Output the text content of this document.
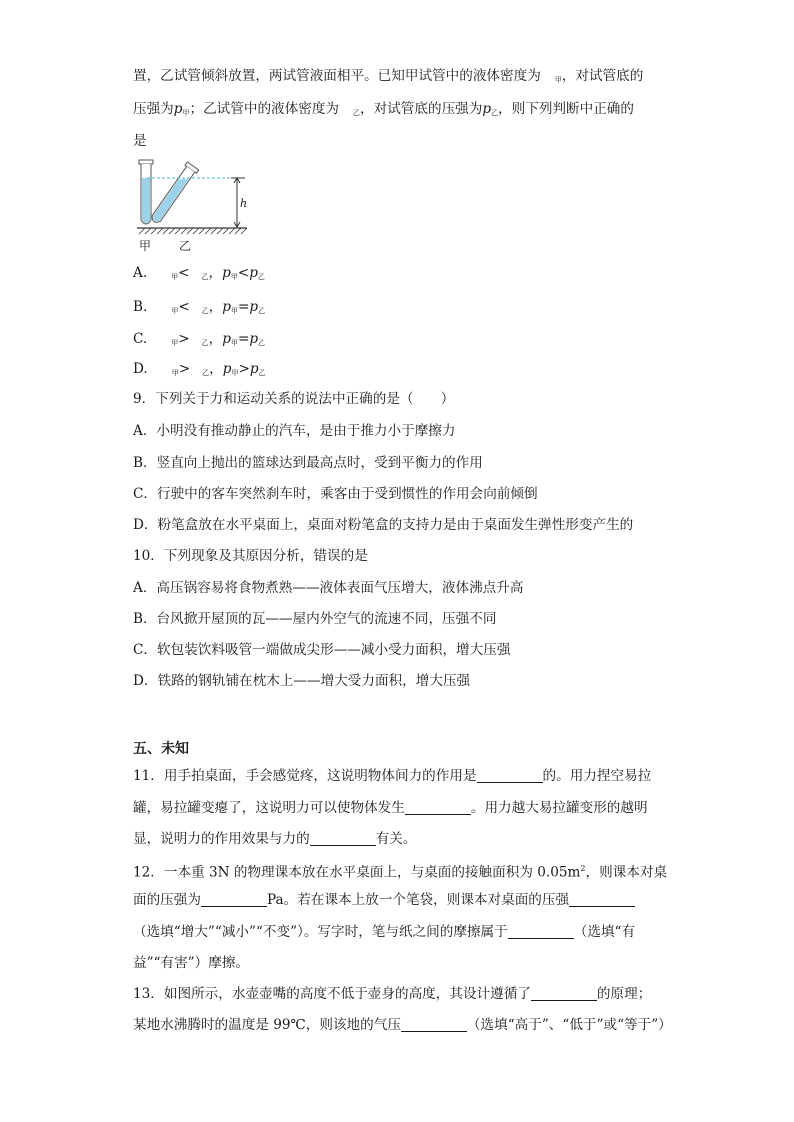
置，乙试管倾斜放置，两试管液面相平。已知甲试管中的液体密度为 $_甲$，对试管底的
压强为$p_甲$；乙试管中的液体密度为 $_乙$，对试管底的压强为$p_乙$，则下列判断中正确的
是
h
甲 乙
A.	$_甲$< $_乙$，$p_甲<p_乙$
B.	$_甲$< $_乙$，$p_甲=p_乙$
C.	$_甲$> $_乙$，$p_甲=p_乙$
D.	$_甲$> $_乙$，$p_甲>p_乙$
9．下列关于力和运动关系的说法中正确的是（　　）
A．小明没有推动静止的汽车，是由于推力小于摩擦力
B．竖直向上抛出的篮球达到最高点时，受到平衡力的作用
C．行驶中的客车突然刹车时，乘客由于受到惯性的作用会向前倾倒
D．粉笔盒放在水平桌面上，桌面对粉笔盒的支持力是由于桌面发生弹性形变产生的
10．下列现象及其原因分析，错误的是
A．高压锅容易将食物煮熟——液体表面气压增大，液体沸点升高
B．台风掀开屋顶的瓦——屋内外空气的流速不同，压强不同
C．软包装饮料吸管一端做成尖形——减小受力面积，增大压强
D．铁路的钢轨铺在枕木上——增大受力面积，增大压强
五、未知
11．用手拍桌面，手会感觉疼，这说明物体间力的作用是	的。用力捏空易拉
罐，易拉罐变瘪了，这说明力可以使物体发生	。用力越大易拉罐变形的越明
显，说明力的作用效果与力的	有关。
12．一本重 3N 的物理课本放在水平桌面上，与桌面的接触面积为 $0.05m^2$，则课本对桌
面的压强为	Pa。若在课本上放一个笔袋，则课本对桌面的压强
（选填“增大”“减小”“不变”）。写字时，笔与纸之间的摩擦属于	（选填“有
益”“有害”）摩擦。
13．如图所示，水壶壶嘴的高度不低于壶身的高度，其设计遵循了	的原理；
某地水沸腾时的温度是 99℃，则该地的气压	（选填“高于”、“低于”或“等于”）
